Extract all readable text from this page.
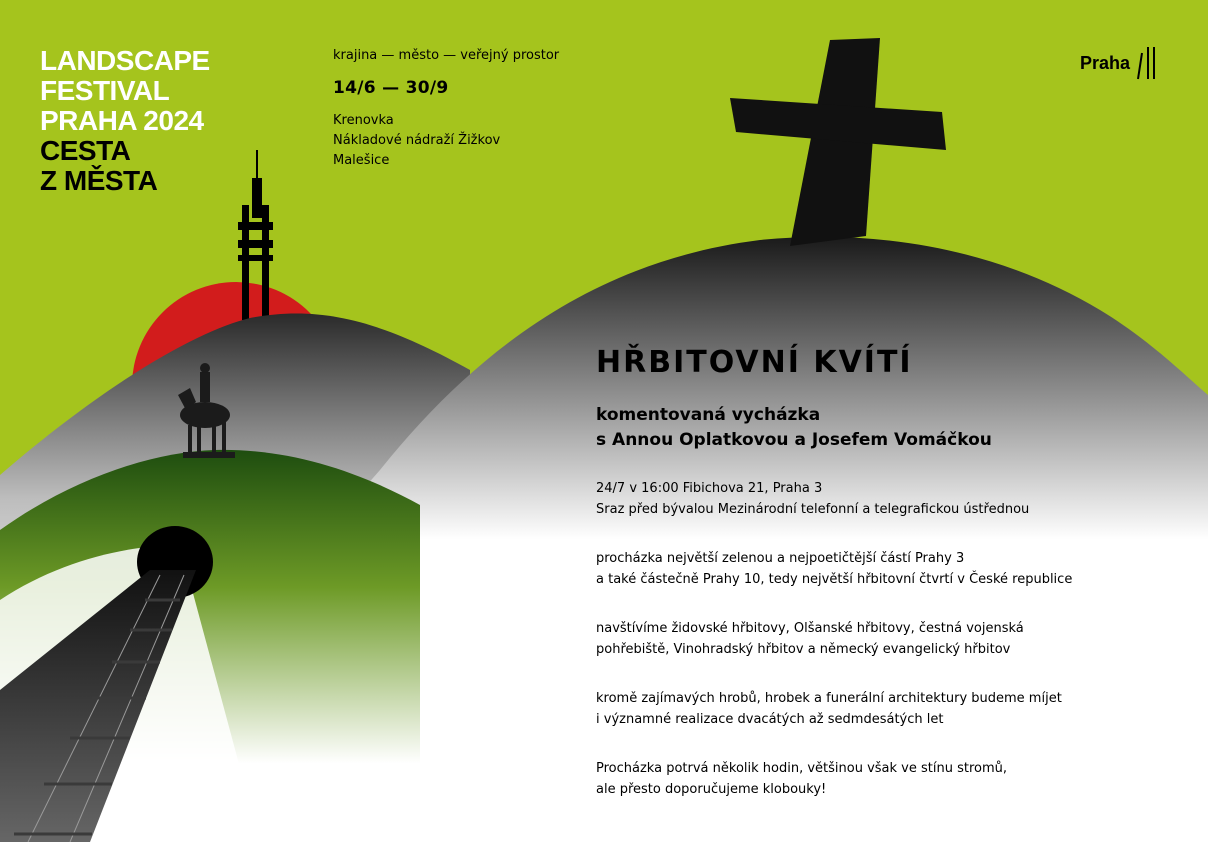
LANDSCAPE
FESTIVAL
PRAHA 2024
CESTA
Z MĚSTA
krajina — město — veřejný prostor
14/6 — 30/9
Krenovka
Nákladové nádraží Žižkov
Malešice
Praha
HŘBITOVNÍ KVÍTÍ
komentovaná vycházka
s Annou Oplatkovou a Josefem Vomáčkou
24/7 v 16:00 Fibichova 21, Praha 3
Sraz před bývalou Mezinárodní telefonní a telegrafickou ústřednou
procházka největší zelenou a nejpoetičtější částí Prahy 3
a také částečně Prahy 10, tedy největší hřbitovní čtvrtí v České republice
navštívíme židovské hřbitovy, Olšanské hřbitovy, čestná vojenská
pohřebiště, Vinohradský hřbitov a německý evangelický hřbitov
kromě zajímavých hrobů, hrobek a funerální architektury budeme míjet
i významné realizace dvacátých až sedmdesátých let
Procházka potrvá několik hodin, většinou však ve stínu stromů,
ale přesto doporučujeme klobouky!
